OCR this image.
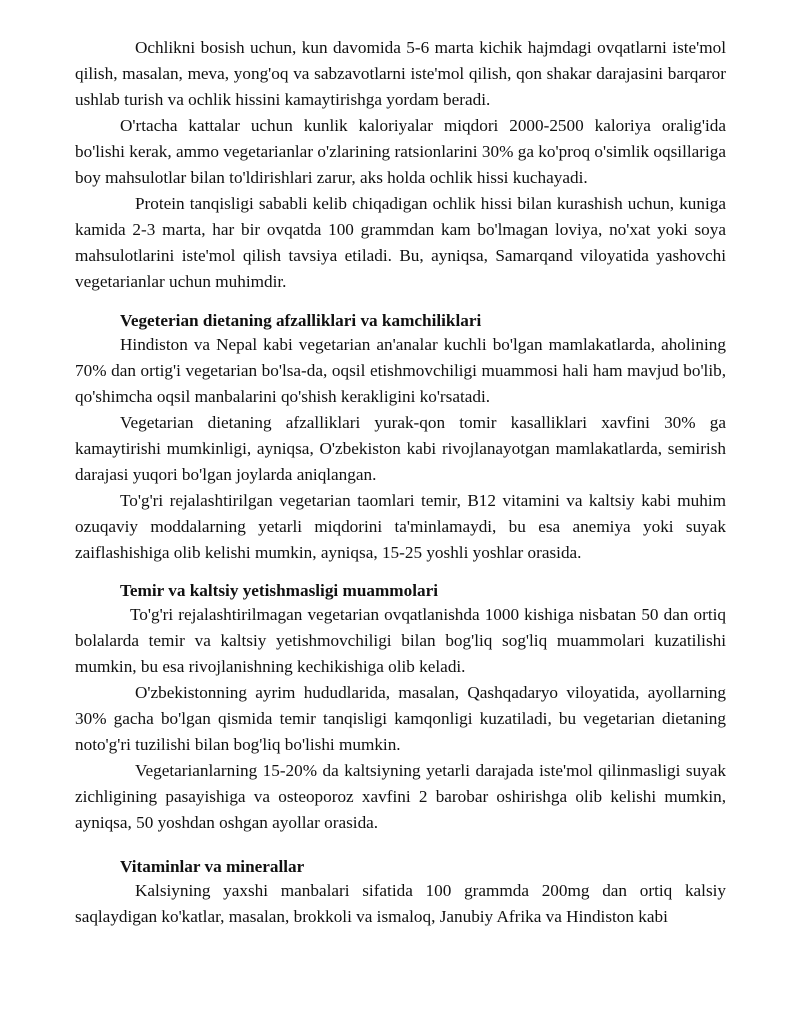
Ochlikni bosish uchun, kun davomida 5-6 marta kichik hajmdagi ovqatlarni iste'mol qilish, masalan, meva, yong'oq va sabzavotlarni iste'mol qilish, qon shakar darajasini barqaror ushlab turish va ochlik hissini kamaytirishga yordam beradi.

O'rtacha kattalar uchun kunlik kaloriyalar miqdori 2000-2500 kaloriya oralig'ida bo'lishi kerak, ammo vegetarianlar o'zlarining ratsionlarini 30% ga ko'proq o'simlik oqsillariga boy mahsulotlar bilan to'ldirishlari zarur, aks holda ochlik hissi kuchayadi.

Protein tanqisligi sababli kelib chiqadigan ochlik hissi bilan kurashish uchun, kuniga kamida 2-3 marta, har bir ovqatda 100 grammdan kam bo'lmagan loviya, no'xat yoki soya mahsulotlarini iste'mol qilish tavsiya etiladi. Bu, ayniqsa, Samarqand viloyatida yashovchi vegetarianlar uchun muhimdir.

Vegeterian dietaning afzalliklari va kamchiliklari

Hindiston va Nepal kabi vegetarian an'analar kuchli bo'lgan mamlakatlarda, aholining 70% dan ortig'i vegetarian bo'lsa-da, oqsil etishmovchiligi muammosi hali ham mavjud bo'lib, qo'shimcha oqsil manbalarini qo'shish kerakligini ko'rsatadi.

Vegetarian dietaning afzalliklari yurak-qon tomir kasalliklari xavfini 30% ga kamaytirishi mumkinligi, ayniqsa, O'zbekiston kabi rivojlanayotgan mamlakatlarda, semirish darajasi yuqori bo'lgan joylarda aniqlangan.

To'g'ri rejalashtirilgan vegetarian taomlari temir, B12 vitamini va kaltsiy kabi muhim ozuqaviy moddalarning yetarli miqdorini ta'minlamaydi, bu esa anemiya yoki suyak zaiflashishiga olib kelishi mumkin, ayniqsa, 15-25 yoshli yoshlar orasida.

Temir va kaltsiy yetishmasligi muammolari

To'g'ri rejalashtirilmagan vegetarian ovqatlanishda 1000 kishiga nisbatan 50 dan ortiq bolalarda temir va kaltsiy yetishmovchiligi bilan bog'liq sog'liq muammolari kuzatilishi mumkin, bu esa rivojlanishning kechikishiga olib keladi.

O'zbekistonning ayrim hududlarida, masalan, Qashqadaryo viloyatida, ayollarning 30% gacha bo'lgan qismida temir tanqisligi kamqonligi kuzatiladi, bu vegetarian dietaning noto'g'ri tuzilishi bilan bog'liq bo'lishi mumkin.

Vegetarianlarning 15-20% da kaltsiyning yetarli darajada iste'mol qilinmasligi suyak zichligining pasayishiga va osteoporoz xavfini 2 barobar oshirishga olib kelishi mumkin, ayniqsa, 50 yoshdan oshgan ayollar orasida.

Vitaminlar va minerallar

Kalsiyning yaxshi manbalari sifatida 100 grammda 200mg dan ortiq kalsiy saqlaydigan ko'katlar, masalan, brokkoli va ismaloq, Janubiy Afrika va Hindiston kabi
